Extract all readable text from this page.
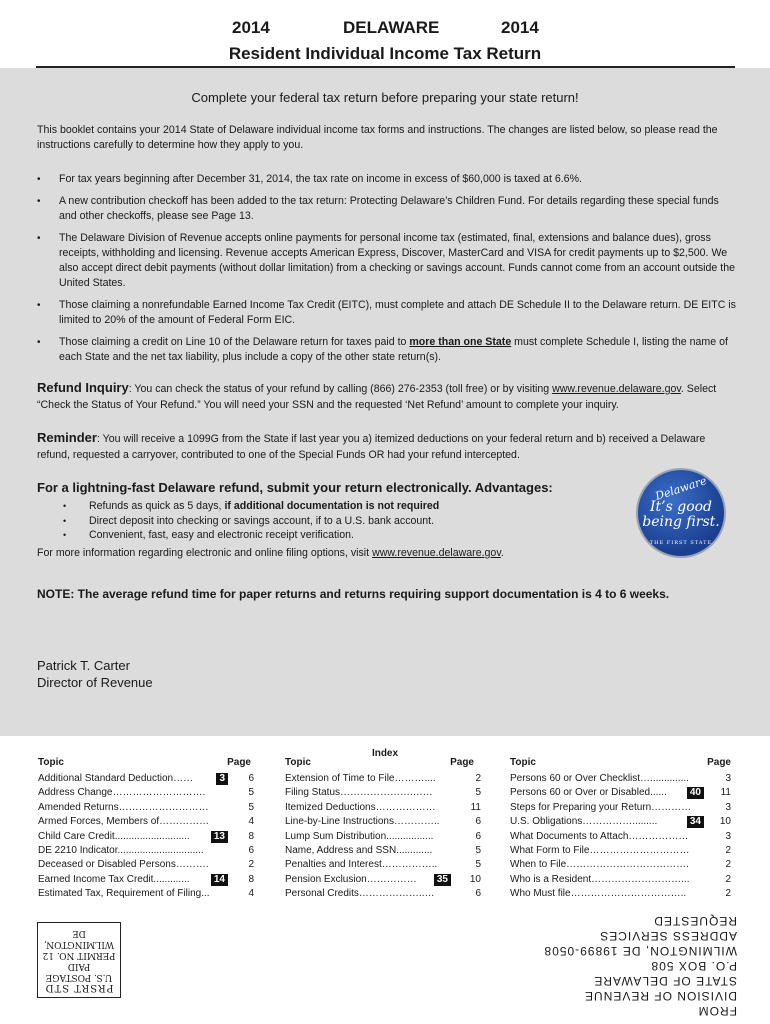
2014	DELAWARE	2014
Resident Individual Income Tax Return
Complete your federal tax return before preparing your state return!
This booklet contains your 2014 State of Delaware individual income tax forms and instructions. The changes are listed below, so please read the instructions carefully to determine how they apply to you.
• For tax years beginning after December 31, 2014, the tax rate on income in excess of $60,000 is taxed at 6.6%.
• A new contribution checkoff has been added to the tax return: Protecting Delaware’s Children Fund. For details regarding these special funds and other checkoffs, please see Page 13.
• The Delaware Division of Revenue accepts online payments for personal income tax (estimated, final, extensions and balance dues), gross receipts, withholding and licensing. Revenue accepts American Express, Discover, MasterCard and VISA for credit payments up to $2,500. We also accept direct debit payments (without dollar limitation) from a checking or savings account. Funds cannot come from an account outside the United States.
• Those claiming a nonrefundable Earned Income Tax Credit (EITC), must complete and attach DE Schedule II to the Delaware return. DE EITC is limited to 20% of the amount of Federal Form EIC.
• Those claiming a credit on Line 10 of the Delaware return for taxes paid to more than one State must complete Schedule I, listing the name of each State and the net tax liability, plus include a copy of the other state return(s).
Refund Inquiry: You can check the status of your refund by calling (866) 276-2353 (toll free) or by visiting www.revenue.delaware.gov. Select “Check the Status of Your Refund.” You will need your SSN and the requested ‘Net Refund’ amount to complete your inquiry.
Reminder: You will receive a 1099G from the State if last year you a) itemized deductions on your federal return and b) received a Delaware refund, requested a carryover, contributed to one of the Special Funds OR had your refund intercepted.
For a lightning-fast Delaware refund, submit your return electronically. Advantages:
• Refunds as quick as 5 days, if additional documentation is not required
• Direct deposit into checking or savings account, if to a U.S. bank account.
• Convenient, fast, easy and electronic receipt verification.
For more information regarding electronic and online filing options, visit www.revenue.delaware.gov.
Delaware
It’s good being first.
THE FIRST STATE
NOTE: The average refund time for paper returns and returns requiring support documentation is 4 to 6 weeks.
Patrick T. Carter
Director of Revenue
Index
Topic	Page
Additional Standard Deduction……	3	6
Address Change……………………….	5
Amended Returns………………………	5
Armed Forces, Members of……………	4
Child Care Credit...........................	13	8
DE 2210 Indicator...............................	6
Deceased or Disabled Persons……….	2
Earned Income Tax Credit.............	14	8
Estimated Tax, Requirement of Filing...	4
Topic	Page
Extension of Time to File………....	2
Filing Status………………….……	5
Itemized Deductions………………	11
Line-by-Line Instructions…………..	6
Lump Sum Distribution.................	6
Name, Address and SSN.............	5
Penalties and Interest……………..	5
Pension Exclusion……………	35	10
Personal Credits………………..…	6
Topic	Page
Persons 60 or Over Checklist…..............	3
Persons 60 or Over or Disabled......	40	11
Steps for Preparing your Return…………	3
U.S. Obligations…………….........	34	10
What Documents to Attach………………	3
What Form to File…………………………	2
When to File……………………………….	2
Who is a Resident………………………...	2
Who Must file……………………………..	2
PRSRT STD
U.S. POSTAGE
PAID
PERMIT NO. 12
WILMINGTON, DE
FROM
DIVISION OF REVENUE
STATE OF DELAWARE
P.O. BOX 508
WILMINGTON, DE 19899-0508
ADDRESS SERVICES REQUESTED
